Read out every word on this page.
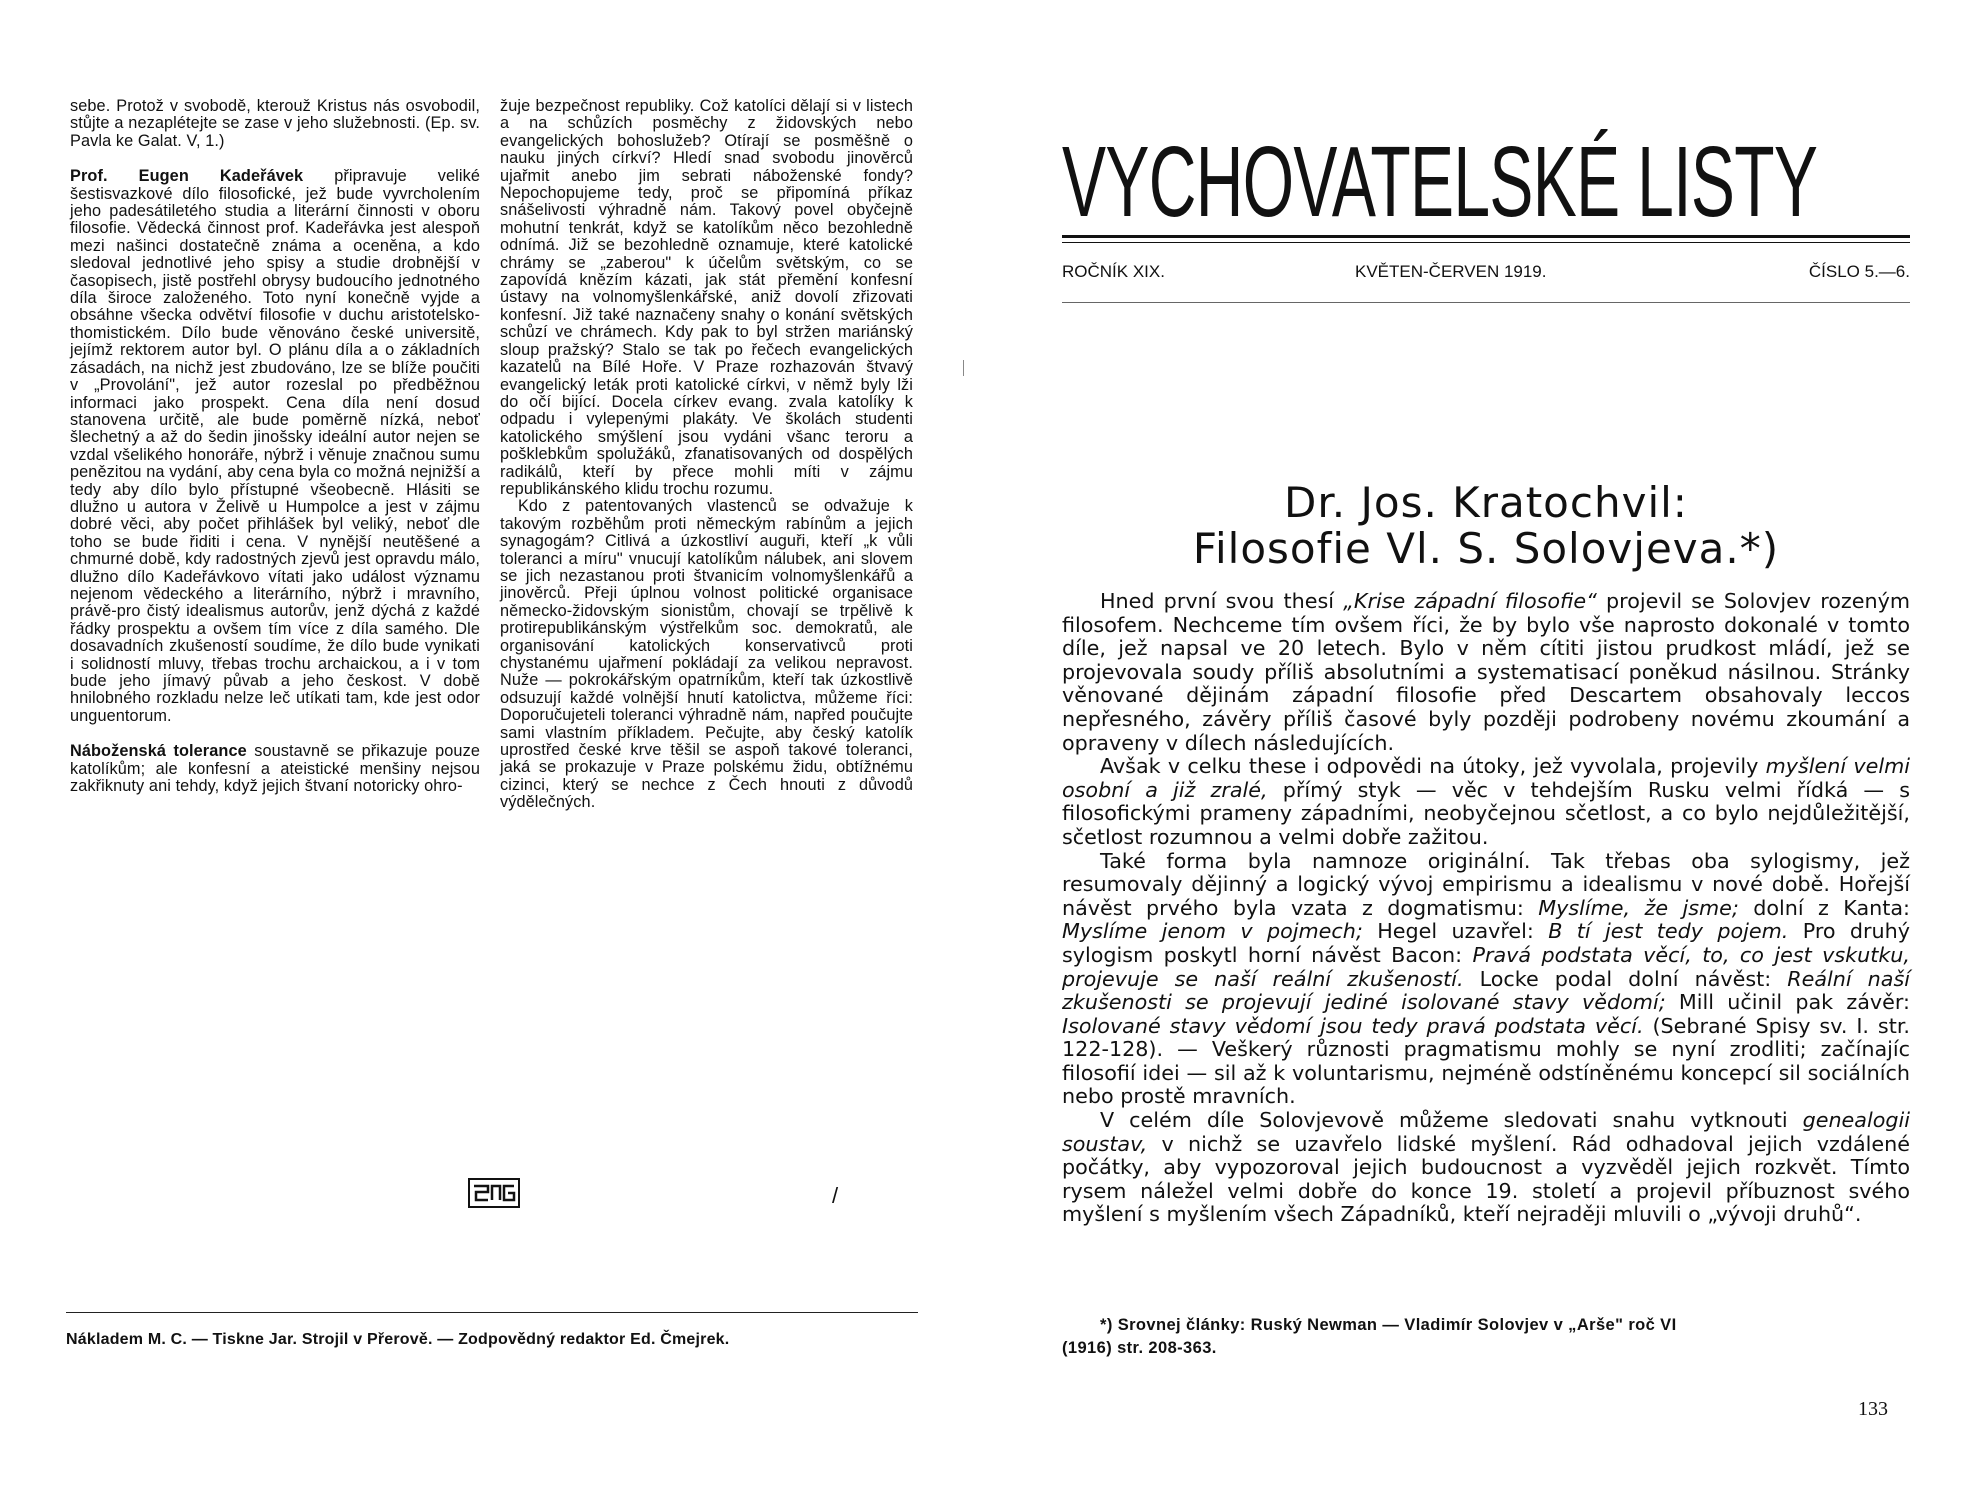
sebe. Protož v svobodě, kterouž Kristus nás osvobodil, stůjte a nezaplétejte se zase v jeho služebnosti. (Ep. sv. Pavla ke Galat. V, 1.)

Prof. Eugen Kadeřávek připravuje veliké šestisvazkové dílo filosofické, jež bude vyvrcholením jeho padesátiletého studia a literární činnosti v oboru filosofie. Vědecká činnost prof. Kadeřávka jest alespoň mezi našinci dostatečně známa a oceněna, a kdo sledoval jednotlivé jeho spisy a studie drobnější v časopisech, jistě postřehl obrysy budoucího jednotného díla široce založeného. Toto nyní konečně vyjde a obsáhne všecka odvětví filosofie v duchu aristotelsko-thomistickém. Dílo bude věnováno české universitě, jejímž rektorem autor byl. O plánu díla a o základních zásadách, na nichž jest zbudováno, lze se blíže poučiti v „Provolání", jež autor rozeslal po předběžnou informaci jako prospekt. Cena díla není dosud stanovena určitě, ale bude poměrně nízká, neboť šlechetný a až do šedin jinošsky ideální autor nejen se vzdal všelikého honoráře, nýbrž i věnuje značnou sumu penězitou na vydání, aby cena byla co možná nejnižší a tedy aby dílo bylo přístupné všeobecně. Hlásiti se dlužno u autora v Želivě u Humpolce a jest v zájmu dobré věci, aby počet přihlášek byl veliký, neboť dle toho se bude řiditi i cena. V nynější neutěšené a chmurné době, kdy radostných zjevů jest opravdu málo, dlužno dílo Kadeřávkovo vítati jako událost významu nejenom vědeckého a literárního, nýbrž i mravního, právě-pro čistý idealismus autorův, jenž dýchá z každé řádky prospektu a ovšem tím více z díla samého. Dle dosavadních zkušeností soudíme, že dílo bude vynikati i solidností mluvy, třebas trochu archaickou, a i v tom bude jeho jímavý půvab a jeho českost. V době hnilobného rozkladu nelze leč utíkati tam, kde jest odor unguentorum.

Náboženská tolerance soustavně se přikazuje pouze katolíkům; ale konfesní a ateistické menšiny nejsou zakřiknuty ani tehdy, když jejich štvaní notoricky ohro-

žuje bezpečnost republiky. Což katolíci dělají si v listech a na schůzích posměchy z židovských nebo evangelických bohoslužeb? Otírají se posměšně o nauku jiných církví? Hledí snad svobodu jinověrců ujařmit anebo jim sebrati náboženské fondy? Nepochopujeme tedy, proč se připomíná příkaz snášelivosti výhradně nám. Takový povel obyčejně mohutní tenkrát, když se katolíkům něco bezohledně odnímá. Již se bezohledně oznamuje, které katolické chrámy se „zaberou" k účelům světským, co se zapovídá knězím kázati, jak stát přemění konfesní ústavy na volnomyšlenkářské, aniž dovolí zřizovati konfesní. Již také naznačeny snahy o konání světských schůzí ve chrámech. Kdy pak to byl stržen mariánský sloup pražský? Stalo se tak po řečech evangelických kazatelů na Bílé Hoře. V Praze rozhazován štvavý evangelický leták proti katolické církvi, v němž byly lži do očí bijící. Docela církev evang. zvala katolíky k odpadu i vylepenými plakáty. Ve školách studenti katolického smýšlení jsou vydáni všanc teroru a pošklebkům spolužáků, zfanatisovaných od dospělých radikálů, kteří by přece mohli míti v zájmu republikánského klidu trochu rozumu.

Kdo z patentovaných vlastenců se odvažuje k takovým rozběhům proti německým rabínům a jejich synagogám? Citlivá a úzkostliví auguři, kteří „k vůli toleranci a míru" vnucují katolíkům nálubek, ani slovem se jich nezastanou proti štvanicím volnomyšlenkářů a jinověrců. Přeji úplnou volnost politické organisace německo-židovským sionistům, chovají se trpělivě k protirepublikánským výstřelkům soc. demokratů, ale organisování katolických konservativců proti chystanému ujařmení pokládají za velikou nepravost. Nuže — pokrokářským opatrníkům, kteří tak úzkostlivě odsuzují každé volnější hnutí katolictva, můžeme říci: Doporučujeteli toleranci výhradně nám, napřed poučujte sami vlastním příkladem. Pečujte, aby český katolík uprostřed české krve těšil se aspoň takové toleranci, jaká se prokazuje v Praze polskému židu, obtížnému cizinci, který se nechce z Čech hnouti z důvodů výdělečných.

/
Nákladem M. C. — Tiskne Jar. Strojil v Přerově. — Zodpovědný redaktor Ed. Čmejrek.
VYCHOVATELSKÉ LISTY
ROČNÍK XIX.	KVĚTEN-ČERVEN 1919.	ČÍSLO 5.—6.
Dr. Jos. Kratochvil:
Filosofie Vl. S. Solovjeva.*)

Hned první svou thesí „Krise západní filosofie“ projevil se Solovjev rozeným filosofem. Nechceme tím ovšem říci, že by bylo vše naprosto dokonalé v tomto díle, jež napsal ve 20 letech. Bylo v něm cítiti jistou prudkost mládí, jež se projevovala soudy příliš absolutními a systematisací poněkud násilnou. Stránky věnované dějinám západní filosofie před Descartem obsahovaly leccos nepřesného, závěry příliš časové byly později podrobeny novému zkoumání a opraveny v dílech následujících.

Avšak v celku these i odpovědi na útoky, jež vyvolala, projevily myšlení velmi osobní a již zralé, přímý styk — věc v tehdejším Rusku velmi řídká — s filosofickými prameny západními, neobyčejnou sčetlost, a co bylo nejdůležitější, sčetlost rozumnou a velmi dobře zažitou.

Také forma byla namnoze originální. Tak třebas oba sylogismy, jež resumovaly dějinný a logický vývoj empirismu a idealismu v nové době. Hořejší návěst prvého byla vzata z dogmatismu: Myslíme, že jsme; dolní z Kanta: Myslíme jenom v pojmech; Hegel uzavřel: B tí jest tedy pojem. Pro druhý sylogism poskytl horní návěst Bacon: Pravá podstata věcí, to, co jest vskutku, projevuje se naší reální zkušeností. Locke podal dolní návěst: Reální naší zkušenosti se projevují jediné isolované stavy vědomí; Mill učinil pak závěr: Isolované stavy vědomí jsou tedy pravá podstata věcí. (Sebrané Spisy sv. I. str. 122-128). — Veškerý různosti pragmatismu mohly se nyní zrodliti; začínajíc filosofií idei — sil až k voluntarismu, nejméně odstíněnému koncepcí sil sociálních nebo prostě mravních.

V celém díle Solovjevově můžeme sledovati snahu vytknouti genealogii soustav, v nichž se uzavřelo lidské myšlení. Rád odhadoval jejich vzdálené počátky, aby vypozoroval jejich budoucnost a vyzvěděl jejich rozkvět. Tímto rysem náležel velmi dobře do konce 19. století a projevil příbuznost svého myšlení s myšlením všech Západníků, kteří nejraději mluvili o „vývoji druhů“.

*) Srovnej články: Ruský Newman — Vladimír Solovjev v „Arše" roč VI
(1916) str. 208-363.
133
